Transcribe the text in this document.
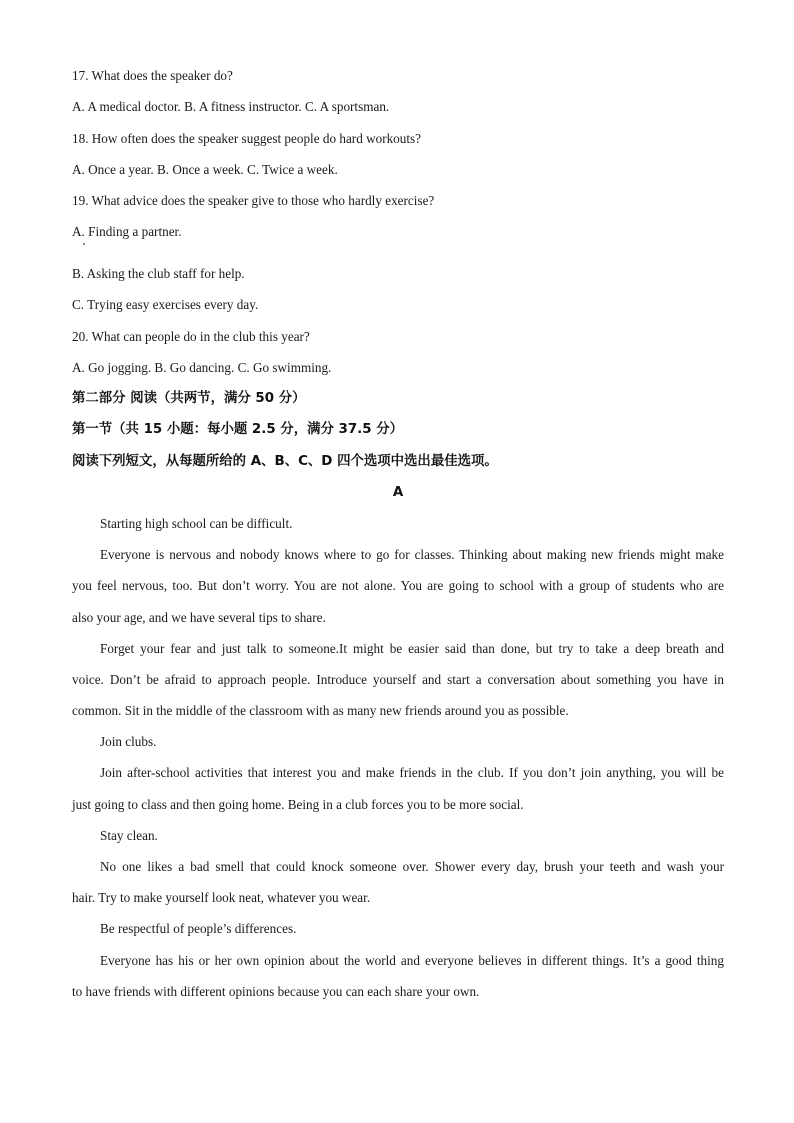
17. What does the speaker do?
A. A medical doctor. B. A fitness instructor. C. A sportsman.
18. How often does the speaker suggest people do hard workouts?
A. Once a year. B. Once a week. C. Twice a week.
19. What advice does the speaker give to those who hardly exercise?
A. Finding a partner.
B. Asking the club staff for help.
C. Trying easy exercises every day.
20. What can people do in the club this year?
A. Go jogging. B. Go dancing. C. Go swimming.
第二部分 阅读（共两节，满分 50 分）
第一节（共 15 小题：每小题 2.5 分，满分 37.5 分）
阅读下列短文，从每题所给的 A、B、C、D 四个选项中选出最佳选项。
A
Starting high school can be difficult.
Everyone is nervous and nobody knows where to go for classes. Thinking about making new friends might make
you feel nervous, too. But don’t worry. You are not alone. You are going to school with a group of students who are
also your age, and we have several tips to share.
Forget your fear and just talk to someone.It might be easier said than done, but try to take a deep breath and
voice. Don’t be afraid to approach people. Introduce yourself and start a conversation about something you have in
common. Sit in the middle of the classroom with as many new friends around you as possible.
Join clubs.
Join after-school activities that interest you and make friends in the club. If you don’t join anything, you will be
just going to class and then going home. Being in a club forces you to be more social.
Stay clean.
No one likes a bad smell that could knock someone over. Shower every day, brush your teeth and wash your
hair. Try to make yourself look neat, whatever you wear.
Be respectful of people’s differences.
Everyone has his or her own opinion about the world and everyone believes in different things. It’s a good thing
to have friends with different opinions because you can each share your own.
